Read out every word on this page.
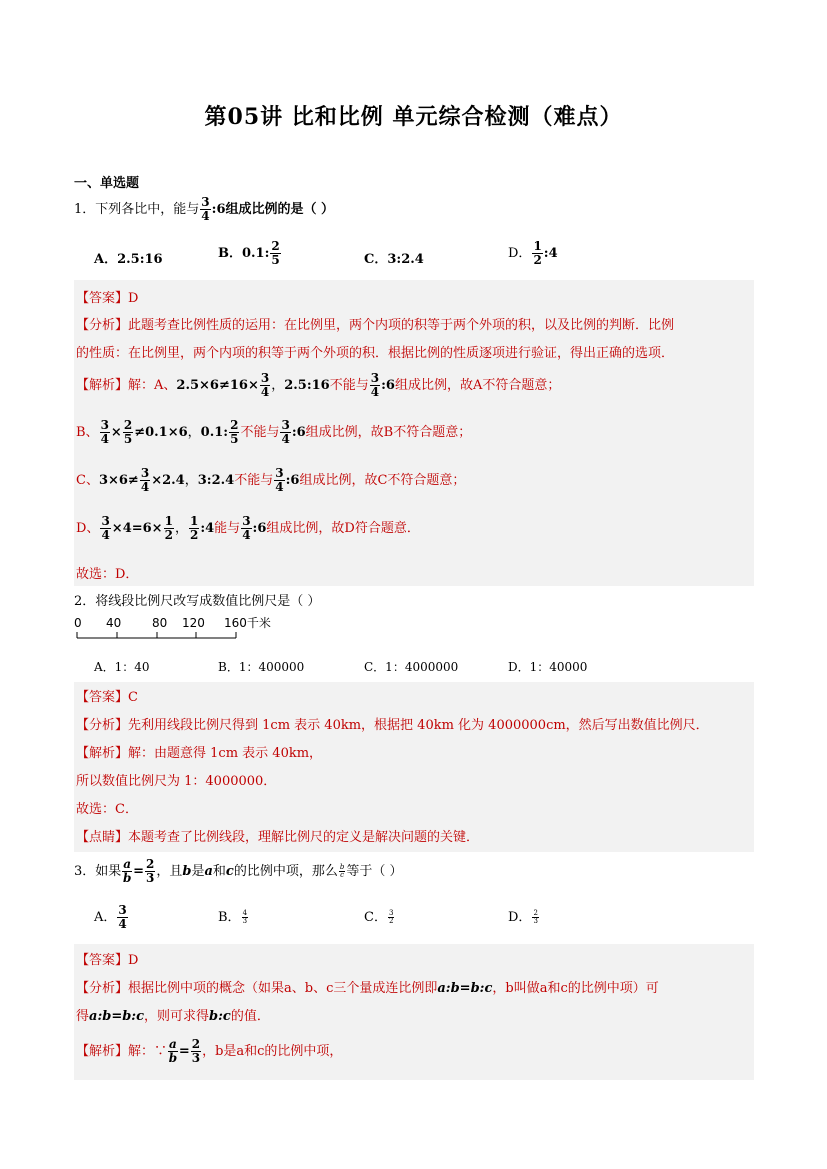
第05讲 比和比例 单元综合检测（难点）
一、单选题
1．下列各比中，能与 $\frac{3}{4}$ :6组成比例的是（ ）
A．2.5:16	B．0.1: $\frac{2}{5}$	C．3:2.4	D． $\frac{1}{2}$ :4
【答案】D
【分析】此题考查比例性质的运用：在比例里，两个内项的积等于两个外项的积，以及比例的判断．比例
的性质：在比例里，两个内项的积等于两个外项的积．根据比例的性质逐项进行验证，得出正确的选项．
【解析】解：A、$2.5\times 6\ne 16\times \frac{3}{4}$ ，2.5:16不能与 $\frac{3}{4}$ :6组成比例，故A不符合题意；
B、 $\frac{3}{4} \times \frac{2}{5} \ne 0.1\times 6$，0.1: $\frac{2}{5}$ 不能与 $\frac{3}{4}$ :6组成比例，故B不符合题意；
C、$3\times 6\ne \frac{3}{4} \times 2.4$，3:2.4不能与 $\frac{3}{4}$ :6组成比例，故C不符合题意；
D、 $\frac{3}{4} \times 4=6\times \frac{1}{2}$ ， $\frac{1}{2}$ :4能与 $\frac{3}{4}$ :6组成比例，故D符合题意．
故选：D．
2．将线段比例尺改写成数值比例尺是（ ）
0 40	80 120 160千米
A．1：40	B．1：400000	C．1：4000000	D．1：40000
【答案】C
【分析】先利用线段比例尺得到 1cm 表示 40km，根据把 40km 化为 4000000cm，然后写出数值比例尺．
【解析】解：由题意得 1cm 表示 40km，
所以数值比例尺为 1：4000000．
故选：C．
【点睛】本题考查了比例线段，理解比例尺的定义是解决问题的关键．
3．如果 $\frac{a}{b} = \frac{2}{3}$ ，且b是a和c的比例中项，那么 $\frac{b}{c}$ 等于（ ）
A． $\frac{3}{4}$	B． $\frac{4}{3}$	C． $\frac{3}{2}$	D． $\frac{2}{3}$
【答案】D
【分析】根据比例中项的概念（如果a、b、c三个量成连比例即a:b=b:c，b叫做a和c的比例中项）可
得a:b=b:c，则可求得b:c的值．
【解析】解：∵ $\frac{a}{b} = \frac{2}{3}$ ，b是a和c的比例中项，
